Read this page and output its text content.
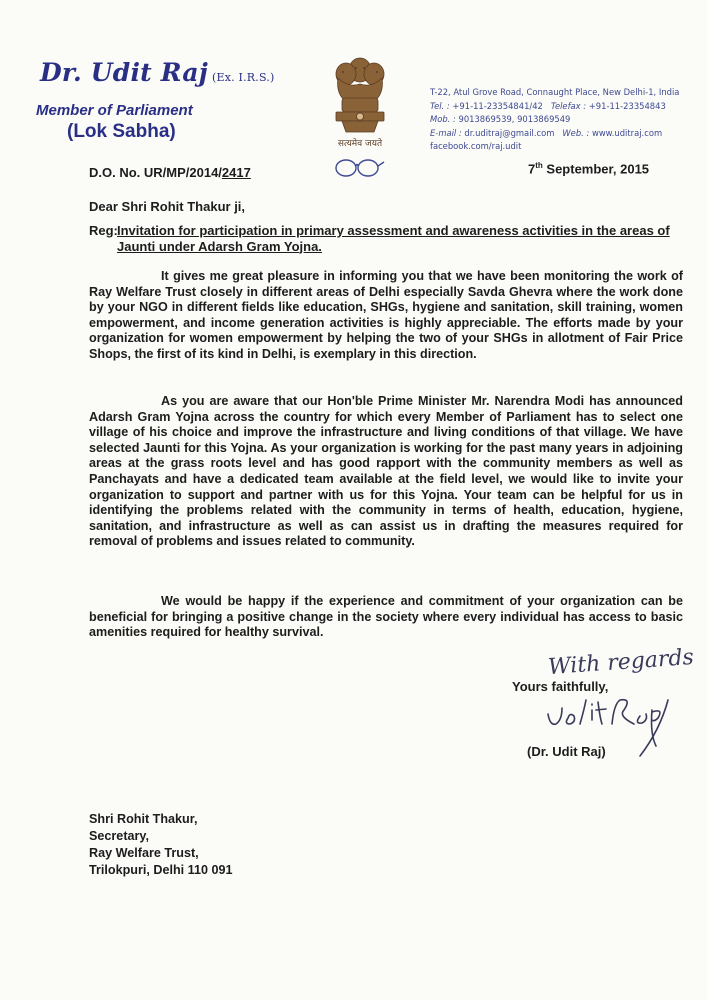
Dr. Udit Raj (Ex. I.R.S.)
Member of Parliament
(Lok Sabha)
सत्यमेव जयते
T-22, Atul Grove Road, Connaught Place, New Delhi-1, India
Tel. : +91-11-23354841/42 Telefax : +91-11-23354843
Mob. : 9013869539, 9013869549
E-mail : dr.uditraj@gmail.com Web. : www.uditraj.com
facebook.com/raj.udit
D.O. No. UR/MP/2014/2417	7th September, 2015
Dear Shri Rohit Thakur ji,
Reg: Invitation for participation in primary assessment and awareness activities in the areas of Jaunti under Adarsh Gram Yojna.

It gives me great pleasure in informing you that we have been monitoring the work of Ray Welfare Trust closely in different areas of Delhi especially Savda Ghevra where the work done by your NGO in different fields like education, SHGs, hygiene and sanitation, skill training, women empowerment, and income generation activities is highly appreciable. The efforts made by your organization for women empowerment by helping the two of your SHGs in allotment of Fair Price Shops, the first of its kind in Delhi, is exemplary in this direction.

As you are aware that our Hon'ble Prime Minister Mr. Narendra Modi has announced Adarsh Gram Yojna across the country for which every Member of Parliament has to select one village of his choice and improve the infrastructure and living conditions of that village. We have selected Jaunti for this Yojna. As your organization is working for the past many years in adjoining areas at the grass roots level and has good rapport with the community members as well as Panchayats and have a dedicated team available at the field level, we would like to invite your organization to support and partner with us for this Yojna. Your team can be helpful for us in identifying the problems related with the community in terms of health, education, hygiene, sanitation, and infrastructure as well as can assist us in drafting the measures required for removal of problems and issues related to community.

We would be happy if the experience and commitment of your organization can be beneficial for bringing a positive change in the society where every individual has access to basic amenities required for healthy survival.

With regards
Yours faithfully,
(Dr. Udit Raj)
Shri Rohit Thakur,
Secretary,
Ray Welfare Trust,
Trilokpuri, Delhi 110 091
